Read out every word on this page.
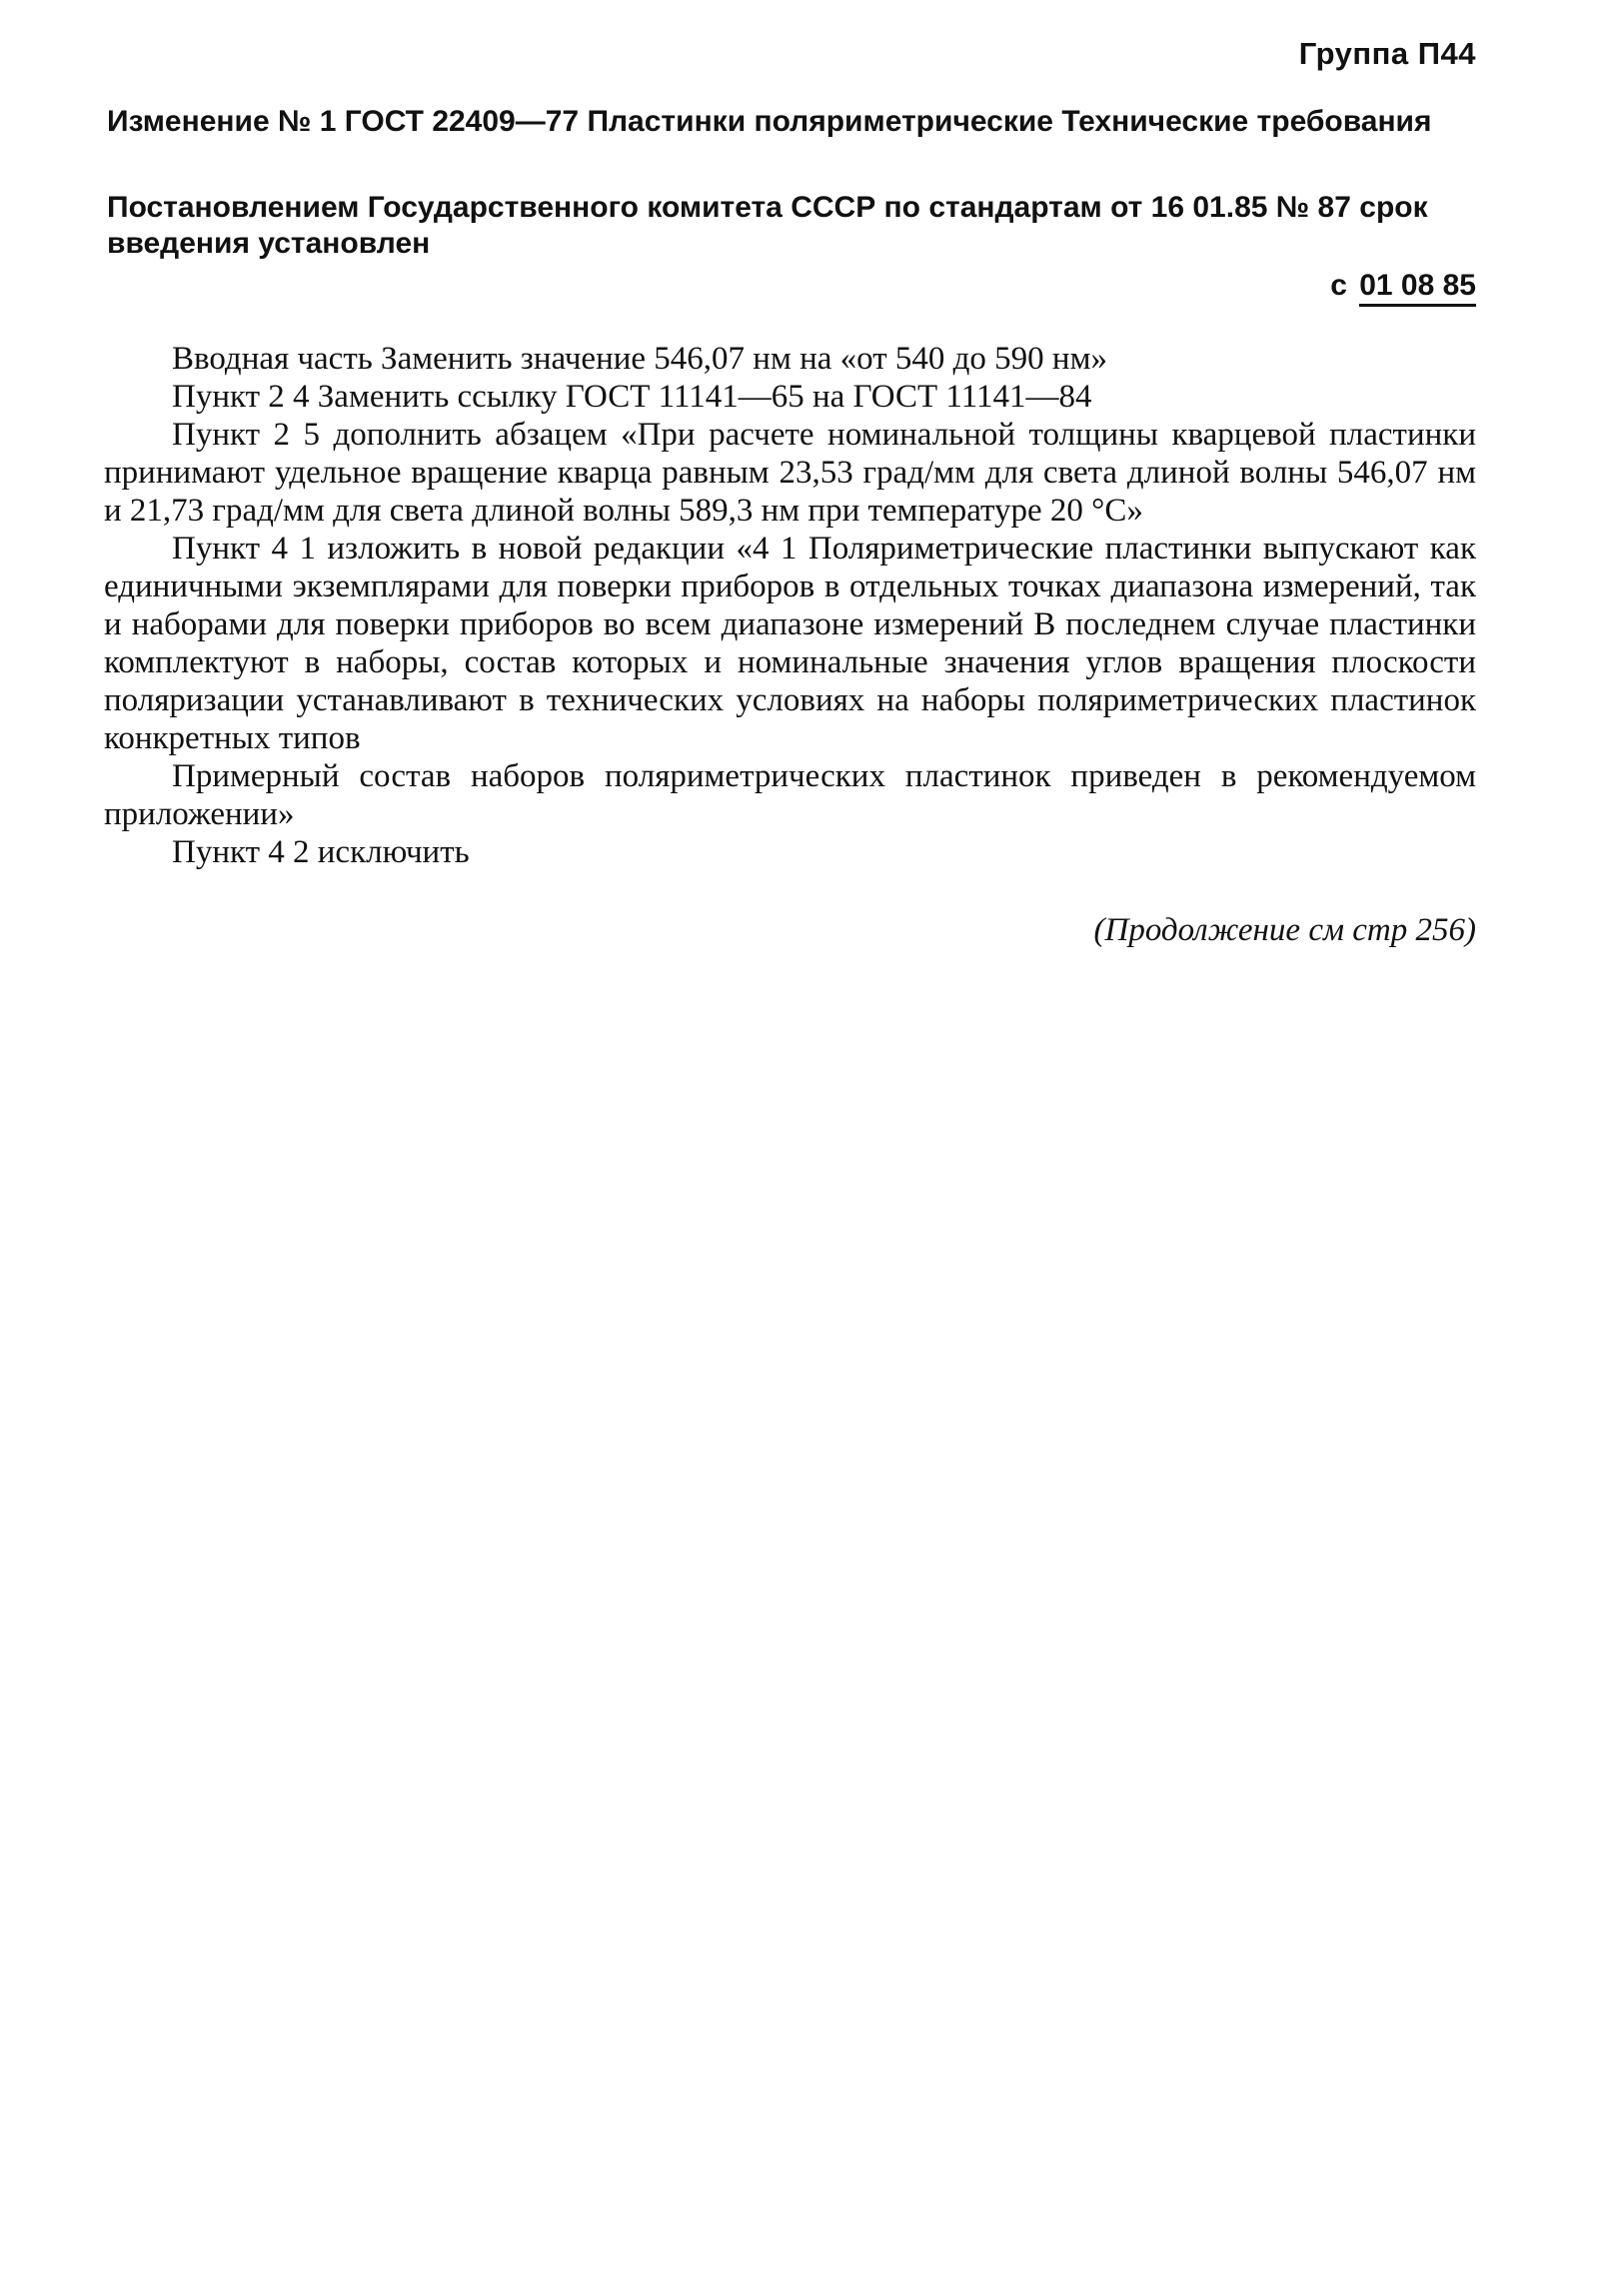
Группа П44
Изменение № 1 ГОСТ 22409—77 Пластинки поляриметрические Технические требования
Постановлением Государственного комитета СССР по стандартам от 16 01.85 № 87 срок введения установлен
с 01 08 85

Вводная часть Заменить значение 546,07 нм на «от 540 до 590 нм»

Пункт 2 4 Заменить ссылку ГОСТ 11141—65 на ГОСТ 11141—84

Пункт 2 5 дополнить абзацем «При расчете номинальной толщины кварцевой пластинки принимают удельное вращение кварца равным 23,53 град/мм для света длиной волны 546,07 нм и 21,73 град/мм для света длиной волны 589,3 нм при температуре 20 °С»

Пункт 4 1 изложить в новой редакции «4 1 Поляриметрические пластинки выпускают как единичными экземплярами для поверки приборов в отдельных точках диапазона измерений, так и наборами для поверки приборов во всем диапазоне измерений В последнем случае пластинки комплектуют в наборы, состав которых и номинальные значения углов вращения плоскости поляризации устанавливают в технических условиях на наборы поляриметрических пластинок конкретных типов

Примерный состав наборов поляриметрических пластинок приведен в рекомендуемом приложении»

Пункт 4 2 исключить

(Продолжение см стр 256)
